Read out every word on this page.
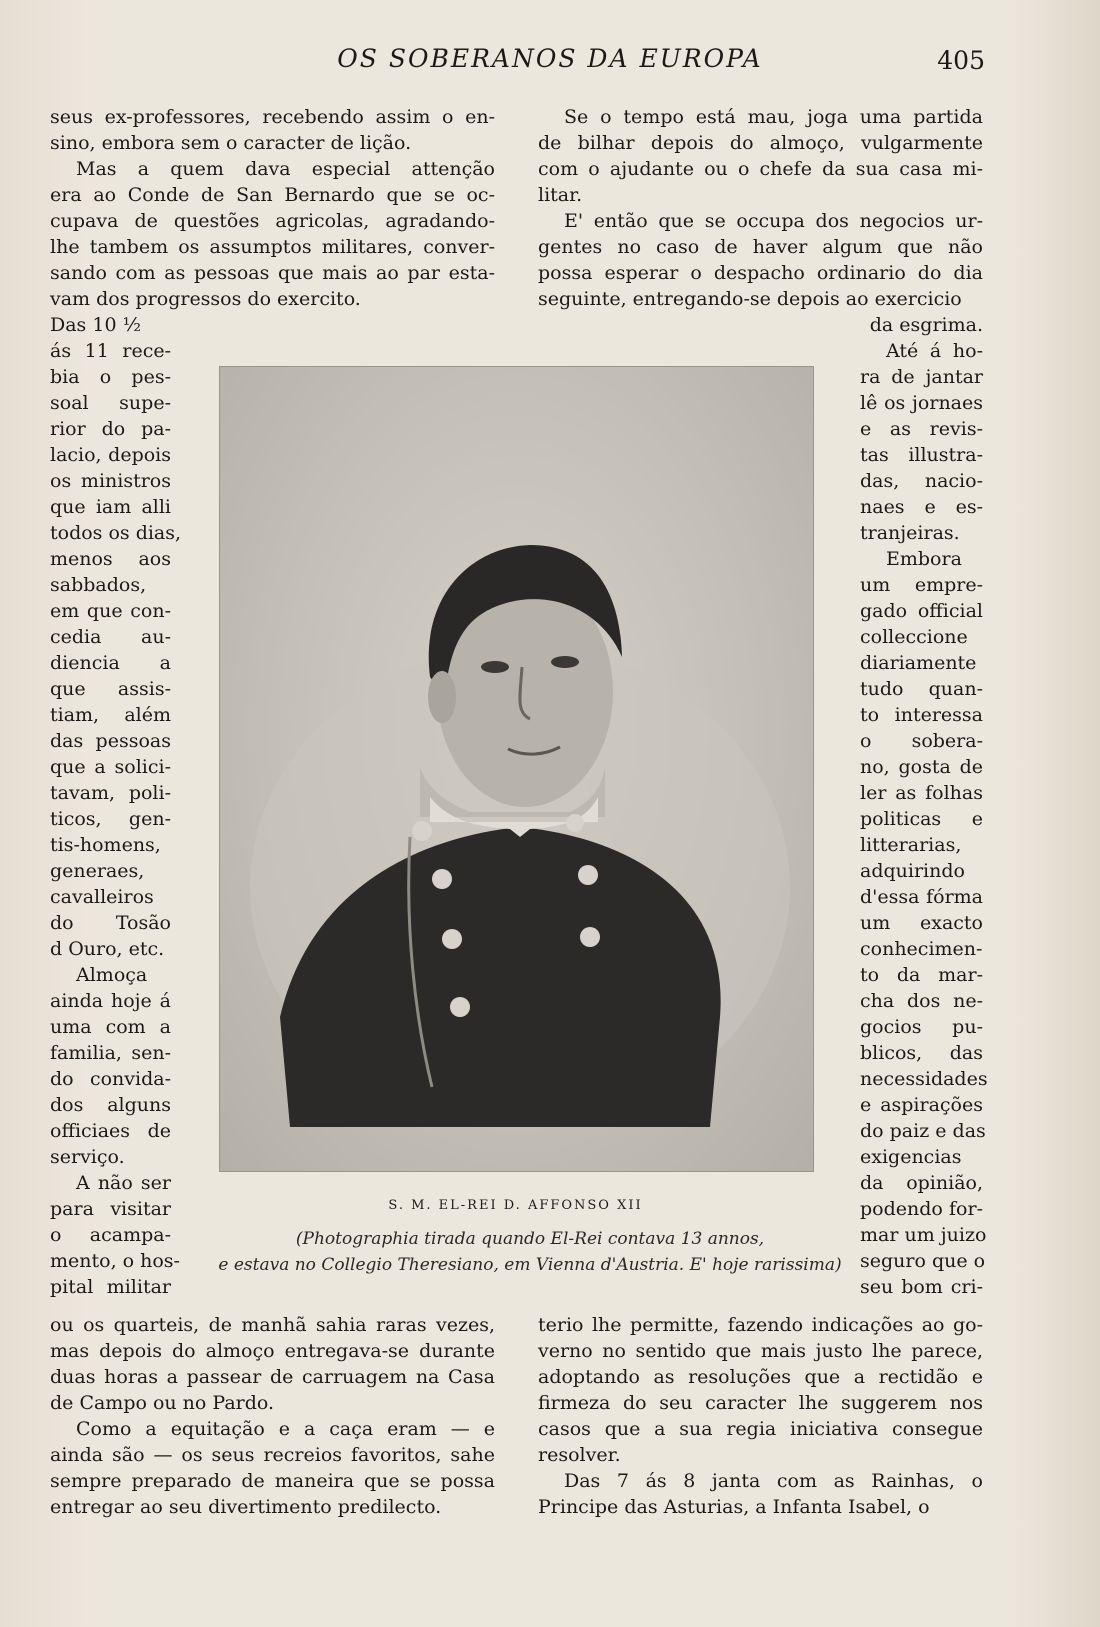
OS SOBERANOS DA EUROPA	405
seus ex-professores, recebendo assim o en-
sino, embora sem o caracter de lição.
Mas a quem dava especial attenção
era ao Conde de San Bernardo que se oc-
cupava de questões agricolas, agradando-
lhe tambem os assumptos militares, conver-
sando com as pessoas que mais ao par esta-
vam dos progressos do exercito.
Das 10 ½
ás 11 rece-
bia o pes-
soal supe-
rior do pa-
lacio, depois
os ministros
que iam alli
todos os dias,
menos aos
sabbados,
em que con-
cedia au-
diencia a
que assis-
tiam, além
das pessoas
que a solici-
tavam, poli-
ticos, gen-
tis-homens,
generaes,
cavalleiros
do Tosão
d Ouro, etc.
Almoça
ainda hoje á
uma com a
familia, sen-
do convida-
dos alguns
officiaes de
serviço.
A não ser
para visitar
o acampa-
mento, o hos-
pital militar
ou os quarteis, de manhã sahia raras vezes,
mas depois do almoço entregava-se durante
duas horas a passear de carruagem na Casa
de Campo ou no Pardo.
Como a equitação e a caça eram — e
ainda são — os seus recreios favoritos, sahe
sempre preparado de maneira que se possa
entregar ao seu divertimento predilecto.
Se o tempo está mau, joga uma partida
de bilhar depois do almoço, vulgarmente
com o ajudante ou o chefe da sua casa mi-
litar.
E' então que se occupa dos negocios ur-
gentes no caso de haver algum que não
possa esperar o despacho ordinario do dia
seguinte, entregando-se depois ao exercicio
da esgrima.
Até á ho-
ra de jantar
lê os jornaes
e as revis-
tas illustra-
das, nacio-
naes e es-
tranjeiras.
Embora
um empre-
gado official
colleccione
diariamente
tudo quan-
to interessa
o sobera-
no, gosta de
ler as folhas
politicas e
litterarias,
adquirindo
d'essa fórma
um exacto
conhecimen-
to da mar-
cha dos ne-
gocios pu-
blicos, das
necessidades
e aspirações
do paiz e das
exigencias
da opinião,
podendo for-
mar um juizo
seguro que o
seu bom cri-
terio lhe permitte, fazendo indicações ao go-
verno no sentido que mais justo lhe parece,
adoptando as resoluções que a rectidão e
firmeza do seu caracter lhe suggerem nos
casos que a sua regia iniciativa consegue
resolver.
Das 7 ás 8 janta com as Rainhas, o
Principe das Asturias, a Infanta Isabel, o
Rinar*igr
S. M. EL-REI D. AFFONSO XII
(Photographia tirada quando El-Rei contava 13 annos,
e estava no Collegio Theresiano, em Vienna d'Austria. E' hoje rarissima)
